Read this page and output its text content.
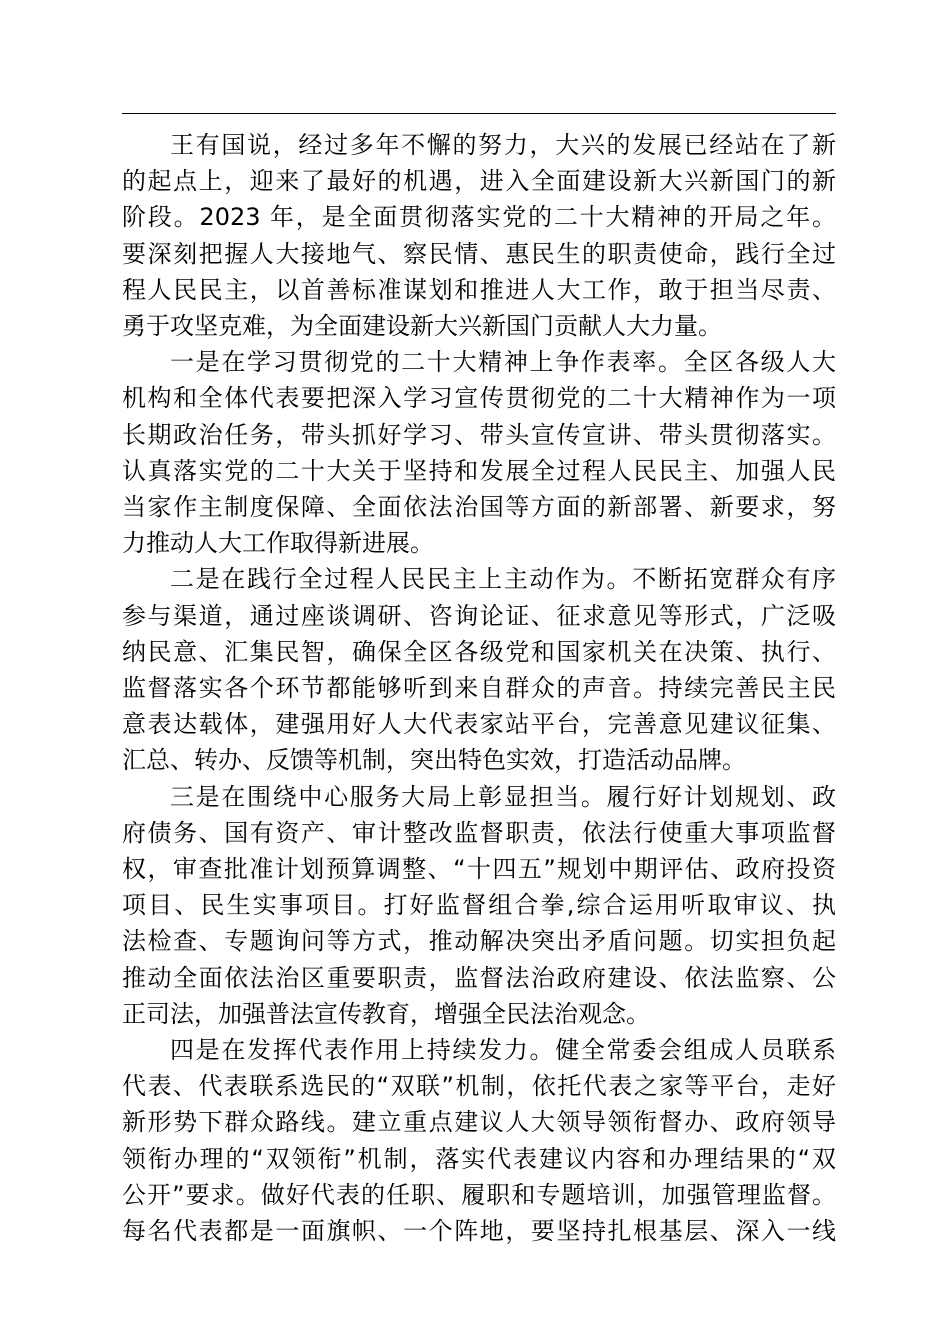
王有国说，经过多年不懈的努力，大兴的发展已经站在了新
的起点上，迎来了最好的机遇，进入全面建设新大兴新国门的新
阶段。2023 年，是全面贯彻落实党的二十大精神的开局之年。
要深刻把握人大接地气、察民情、惠民生的职责使命，践行全过
程人民民主，以首善标准谋划和推进人大工作，敢于担当尽责、
勇于攻坚克难，为全面建设新大兴新国门贡献人大力量。
一是在学习贯彻党的二十大精神上争作表率。全区各级人大
机构和全体代表要把深入学习宣传贯彻党的二十大精神作为一项
长期政治任务，带头抓好学习、带头宣传宣讲、带头贯彻落实。
认真落实党的二十大关于坚持和发展全过程人民民主、加强人民
当家作主制度保障、全面依法治国等方面的新部署、新要求，努
力推动人大工作取得新进展。
二是在践行全过程人民民主上主动作为。不断拓宽群众有序
参与渠道，通过座谈调研、咨询论证、征求意见等形式，广泛吸
纳民意、汇集民智，确保全区各级党和国家机关在决策、执行、
监督落实各个环节都能够听到来自群众的声音。持续完善民主民
意表达载体，建强用好人大代表家站平台，完善意见建议征集、
汇总、转办、反馈等机制，突出特色实效，打造活动品牌。
三是在围绕中心服务大局上彰显担当。履行好计划规划、政
府债务、国有资产、审计整改监督职责，依法行使重大事项监督
权，审查批准计划预算调整、“十四五”规划中期评估、政府投资
项目、民生实事项目。打好监督组合拳,综合运用听取审议、执
法检查、专题询问等方式，推动解决突出矛盾问题。切实担负起
推动全面依法治区重要职责，监督法治政府建设、依法监察、公
正司法，加强普法宣传教育，增强全民法治观念。
四是在发挥代表作用上持续发力。健全常委会组成人员联系
代表、代表联系选民的“双联”机制，依托代表之家等平台，走好
新形势下群众路线。建立重点建议人大领导领衔督办、政府领导
领衔办理的“双领衔”机制，落实代表建议内容和办理结果的“双
公开”要求。做好代表的任职、履职和专题培训，加强管理监督。
每名代表都是一面旗帜、一个阵地，要坚持扎根基层、深入一线
